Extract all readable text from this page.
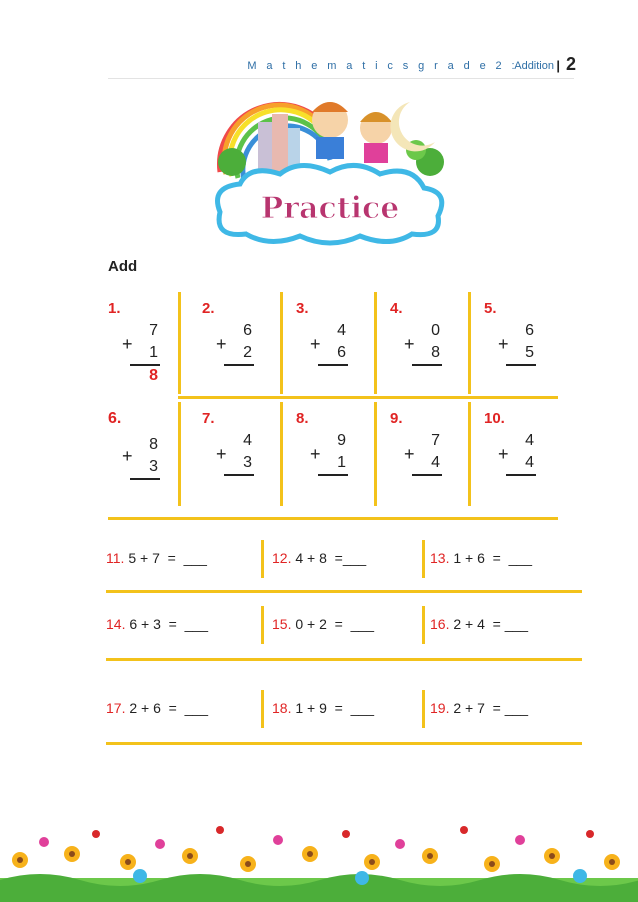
M a t h e m a t i c s g r a d e 2 :
Addition | 2
Practice
Add
1.
7
+	1
8
2.
6
+	2
3.
4
+	6
4.
0
+	8
5.
6
+	5
6.
8
+
3
7.
4
+	3
8.
9
+	1
9.
7
+	4
10.
4
+	4
11. 5 + 7  =  ___	12. 4 + 8  =___	13. 1 + 6  =  ___
14. 6 + 3  =  ___	15. 0 + 2  =  ___	16. 2 + 4  = ___
17. 2 + 6  =  ___	18. 1 + 9  =  ___	19. 2 + 7  = ___
